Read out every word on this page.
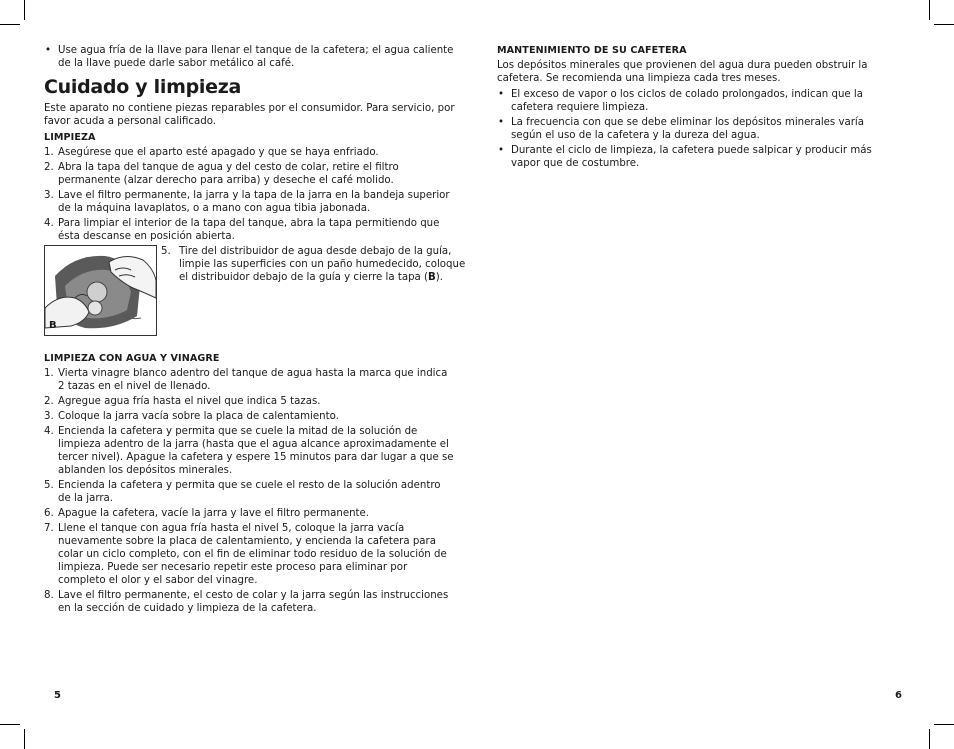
• Use agua fría de la llave para llenar el tanque de la cafetera; el agua caliente de la llave puede darle sabor metálico al café.
Cuidado y limpieza
Este aparato no contiene piezas reparables por el consumidor. Para servicio, por favor acuda a personal calificado.
LIMPIEZA
1. Asegúrese que el aparto esté apagado y que se haya enfriado.
2. Abra la tapa del tanque de agua y del cesto de colar, retire el filtro permanente (alzar derecho para arriba) y deseche el café molido.
3. Lave el filtro permanente, la jarra y la tapa de la jarra en la bandeja superior de la máquina lavaplatos, o a mano con agua tibia jabonada.
4. Para limpiar el interior de la tapa del tanque, abra la tapa permitiendo que ésta descanse en posición abierta.
B
5. Tire del distribuidor de agua desde debajo de la guía, limpie las superficies con un paño humedecido, coloque el distribuidor debajo de la guía y cierre la tapa (B).
LIMPIEZA CON AGUA Y VINAGRE
1. Vierta vinagre blanco adentro del tanque de agua hasta la marca que indica 2 tazas en el nivel de llenado.
2. Agregue agua fría hasta el nivel que indica 5 tazas.
3. Coloque la jarra vacía sobre la placa de calentamiento.
4. Encienda la cafetera y permita que se cuele la mitad de la solución de limpieza adentro de la jarra (hasta que el agua alcance aproximadamente el tercer nivel). Apague la cafetera y espere 15 minutos para dar lugar a que se ablanden los depósitos minerales.
5. Encienda la cafetera y permita que se cuele el resto de la solución adentro de la jarra.
6. Apague la cafetera, vacíe la jarra y lave el filtro permanente.
7. Llene el tanque con agua fría hasta el nivel 5, coloque la jarra vacía nuevamente sobre la placa de calentamiento, y encienda la cafetera para colar un ciclo completo, con el fin de eliminar todo residuo de la solución de limpieza. Puede ser necesario repetir este proceso para eliminar por completo el olor y el sabor del vinagre.
8. Lave el filtro permanente, el cesto de colar y la jarra según las instrucciones en la sección de cuidado y limpieza de la cafetera.
5
MANTENIMIENTO DE SU CAFETERA
Los depósitos minerales que provienen del agua dura pueden obstruir la cafetera. Se recomienda una limpieza cada tres meses.
• El exceso de vapor o los ciclos de colado prolongados, indican que la cafetera requiere limpieza.
• La frecuencia con que se debe eliminar los depósitos minerales varía según el uso de la cafetera y la dureza del agua.
• Durante el ciclo de limpieza, la cafetera puede salpicar y producir más vapor que de costumbre.
6
